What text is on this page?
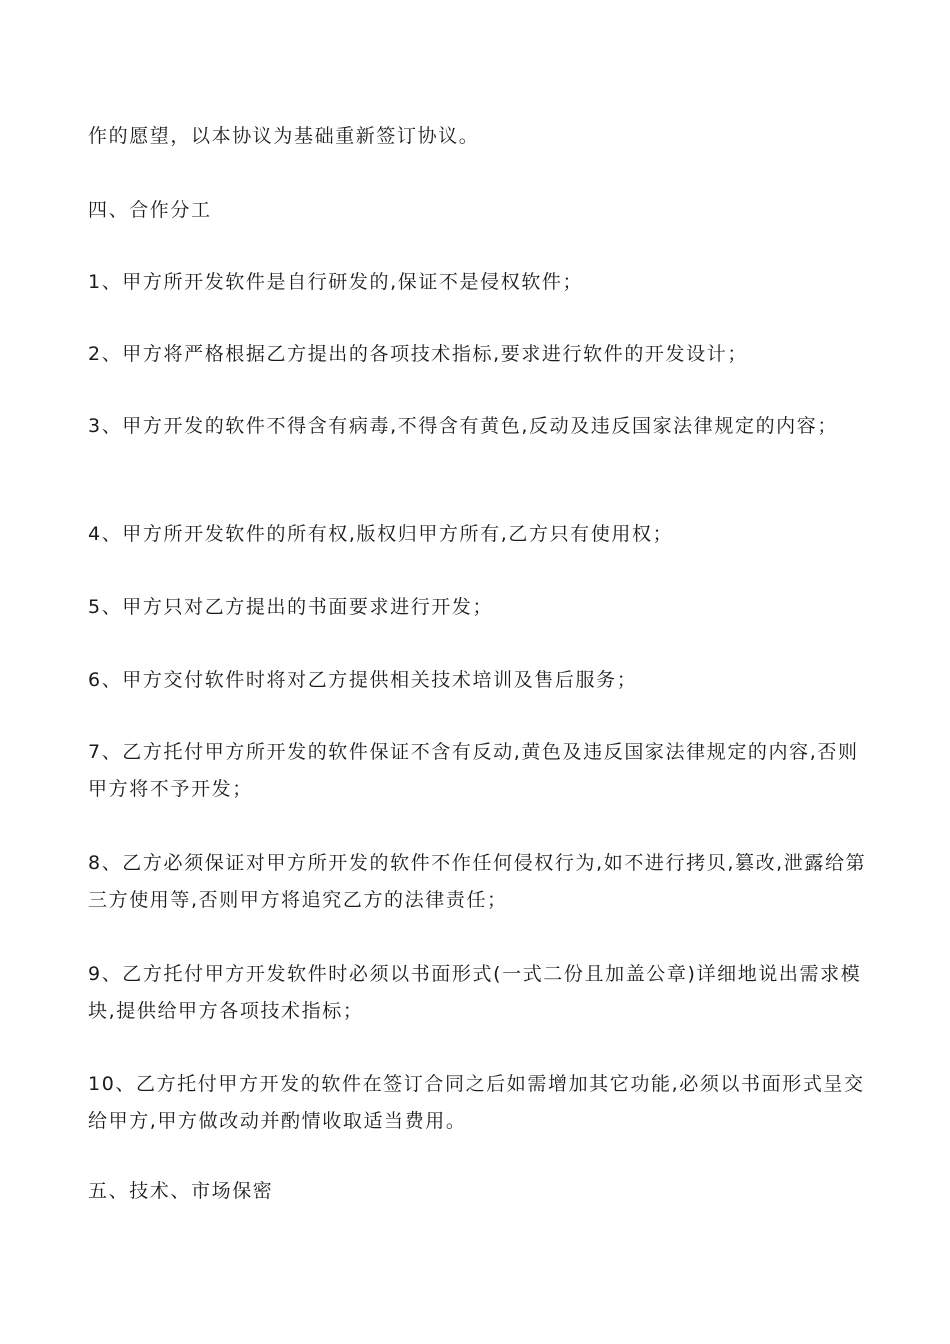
作的愿望，以本协议为基础重新签订协议。
四、合作分工
1、甲方所开发软件是自行研发的,保证不是侵权软件；
2、甲方将严格根据乙方提出的各项技术指标,要求进行软件的开发设计；
3、甲方开发的软件不得含有病毒,不得含有黄色,反动及违反国家法律规定的内容；
4、甲方所开发软件的所有权,版权归甲方所有,乙方只有使用权；
5、甲方只对乙方提出的书面要求进行开发；
6、甲方交付软件时将对乙方提供相关技术培训及售后服务；
7、乙方托付甲方所开发的软件保证不含有反动,黄色及违反国家法律规定的内容,否则甲方将不予开发；
8、乙方必须保证对甲方所开发的软件不作任何侵权行为,如不进行拷贝,篡改,泄露给第三方使用等,否则甲方将追究乙方的法律责任；
9、乙方托付甲方开发软件时必须以书面形式(一式二份且加盖公章)详细地说出需求模块,提供给甲方各项技术指标；
10、乙方托付甲方开发的软件在签订合同之后如需增加其它功能,必须以书面形式呈交给甲方,甲方做改动并酌情收取适当费用。
五、技术、市场保密
